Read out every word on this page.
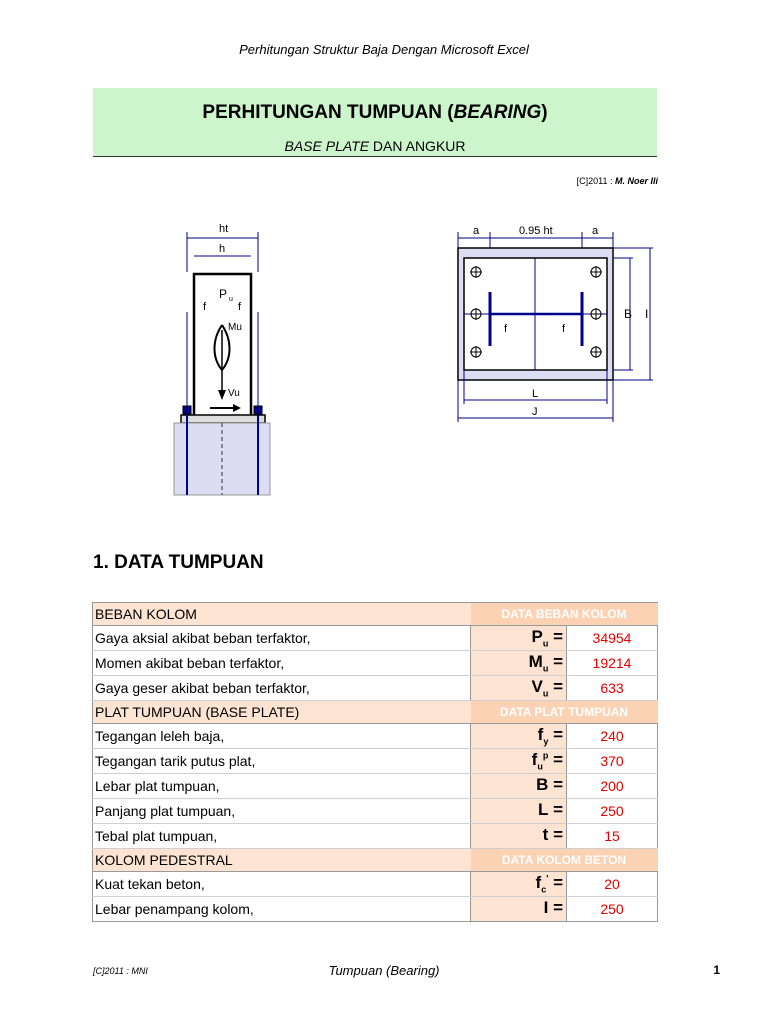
Perhitungan Struktur Baja Dengan Microsoft Excel
PERHITUNGAN TUMPUAN (BEARING)
BASE PLATE DAN ANGKUR
[C]2011 : M. Noer Ili
ht
h
P u
Mu
Vu
f	f
a	0.95 ht	a
B I
f	f
L
J
1. DATA TUMPUAN
BEBAN KOLOM	DATA BEBAN KOLOM	
Gaya aksial akibat beban terfaktor,	$P_u$ =	34954
Momen akibat beban terfaktor,	$M_u$ =	19214
Gaya geser akibat beban terfaktor,	$V_u$ =	633
PLAT TUMPUAN (BASE PLATE)	DATA PLAT TUMPUAN	
Tegangan leleh baja,	$f_y$ =	240
Tegangan tarik putus plat,	$f_u^p$ =	370
Lebar plat tumpuan,	B =	200
Panjang plat tumpuan,	L =	250
Tebal plat tumpuan,	t =	15
KOLOM PEDESTRAL	DATA KOLOM BETON	
Kuat tekan beton,	$f_c'$ =	20
Lebar penampang kolom,	I =	250
[C]2011 : MNI	Tumpuan (Bearing)	1
